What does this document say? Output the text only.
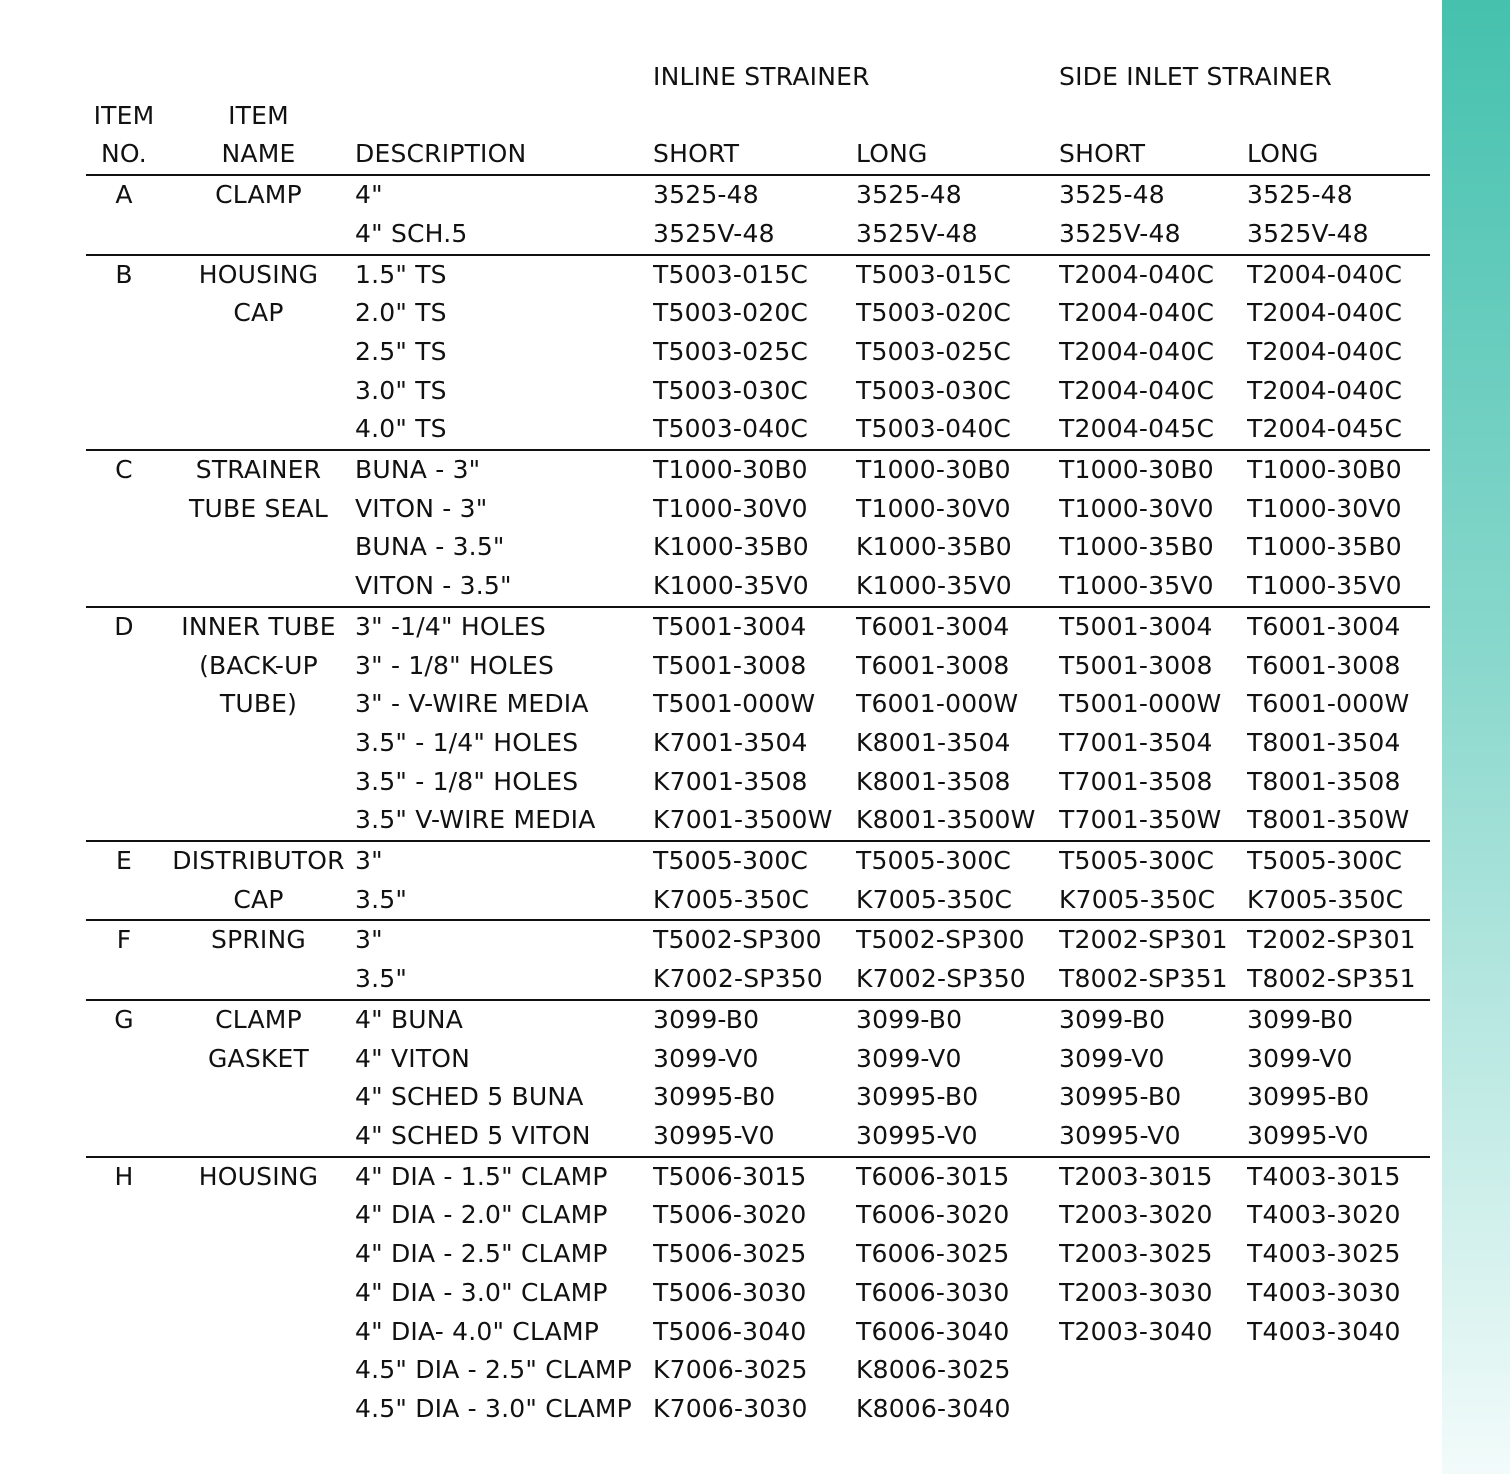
			INLINE STRAINER		SIDE INLET STRAINER	
ITEM	ITEM					
NO.	NAME	DESCRIPTION	SHORT	LONG	SHORT	LONG
A	CLAMP	4"	3525-48	3525-48	3525-48	3525-48
		4" SCH.5	3525V-48	3525V-48	3525V-48	3525V-48
B	HOUSING	1.5" TS	T5003-015C	T5003-015C	T2004-040C	T2004-040C
	CAP	2.0" TS	T5003-020C	T5003-020C	T2004-040C	T2004-040C
		2.5" TS	T5003-025C	T5003-025C	T2004-040C	T2004-040C
		3.0" TS	T5003-030C	T5003-030C	T2004-040C	T2004-040C
		4.0" TS	T5003-040C	T5003-040C	T2004-045C	T2004-045C
C	STRAINER	BUNA - 3"	T1000-30B0	T1000-30B0	T1000-30B0	T1000-30B0
	TUBE SEAL	VITON - 3"	T1000-30V0	T1000-30V0	T1000-30V0	T1000-30V0
		BUNA - 3.5"	K1000-35B0	K1000-35B0	T1000-35B0	T1000-35B0
		VITON - 3.5"	K1000-35V0	K1000-35V0	T1000-35V0	T1000-35V0
D	INNER TUBE	3" -1/4" HOLES	T5001-3004	T6001-3004	T5001-3004	T6001-3004
	(BACK-UP	3" - 1/8" HOLES	T5001-3008	T6001-3008	T5001-3008	T6001-3008
	TUBE)	3" - V-WIRE MEDIA	T5001-000W	T6001-000W	T5001-000W	T6001-000W
		3.5" - 1/4" HOLES	K7001-3504	K8001-3504	T7001-3504	T8001-3504
		3.5" - 1/8" HOLES	K7001-3508	K8001-3508	T7001-3508	T8001-3508
		3.5" V-WIRE MEDIA	K7001-3500W	K8001-3500W	T7001-350W	T8001-350W
E	DISTRIBUTOR	3"	T5005-300C	T5005-300C	T5005-300C	T5005-300C
	CAP	3.5"	K7005-350C	K7005-350C	K7005-350C	K7005-350C
F	SPRING	3"	T5002-SP300	T5002-SP300	T2002-SP301	T2002-SP301
		3.5"	K7002-SP350	K7002-SP350	T8002-SP351	T8002-SP351
G	CLAMP	4" BUNA	3099-B0	3099-B0	3099-B0	3099-B0
	GASKET	4" VITON	3099-V0	3099-V0	3099-V0	3099-V0
		4" SCHED 5 BUNA	30995-B0	30995-B0	30995-B0	30995-B0
		4" SCHED 5 VITON	30995-V0	30995-V0	30995-V0	30995-V0
H	HOUSING	4" DIA - 1.5" CLAMP	T5006-3015	T6006-3015	T2003-3015	T4003-3015
		4" DIA - 2.0" CLAMP	T5006-3020	T6006-3020	T2003-3020	T4003-3020
		4" DIA - 2.5" CLAMP	T5006-3025	T6006-3025	T2003-3025	T4003-3025
		4" DIA - 3.0" CLAMP	T5006-3030	T6006-3030	T2003-3030	T4003-3030
		4" DIA- 4.0" CLAMP	T5006-3040	T6006-3040	T2003-3040	T4003-3040
		4.5" DIA - 2.5" CLAMP	K7006-3025	K8006-3025		
		4.5" DIA - 3.0" CLAMP	K7006-3030	K8006-3040		
